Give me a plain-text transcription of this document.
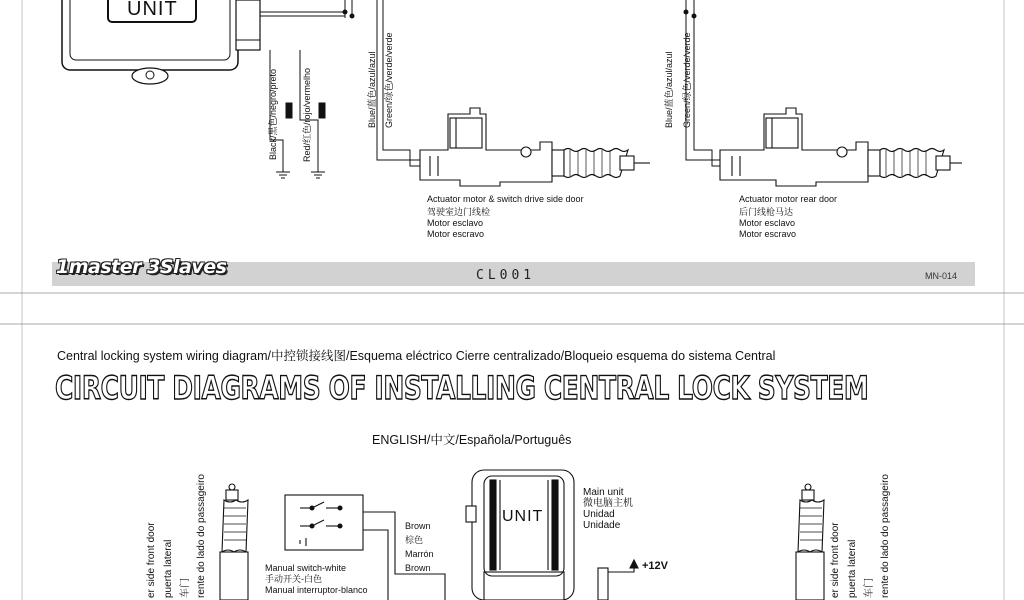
UNIT
Black/黑色/negro/preto	Red/红色/rojo/vermelho	Blue/蓝色/azul/azul Green/绿色/verde/verde	Blue/蓝色/azul/azul Green/绿色/verde/verde
Actuator motor & switch drive side door
驾驶室边门线检
Motor esclavo
Motor escravo
Actuator motor rear door
后门线枪马达
Motor esclavo
Motor escravo
1master 3Slaves	CL001	MN-014
Central locking system wiring diagram/中控锁接线图/Esquema eléctrico Cierre centralizado/Bloqueio esquema do sistema Central
CIRCUIT DIAGRAMS OF INSTALLING CENTRAL LOCK SYSTEM
ENGLISH/中文/Española/Português
UNIT
Main unit
微电脑主机
Unidad
Unidade
Brown
棕色
Marrón
Brown
Manual switch-white
手动开关-白色
Manual interruptor-blanco
+12V
er side front door puerta lateral 车门 rente do lado do passageiro	er side front door puerta lateral 车门 rente do lado do passageiro
